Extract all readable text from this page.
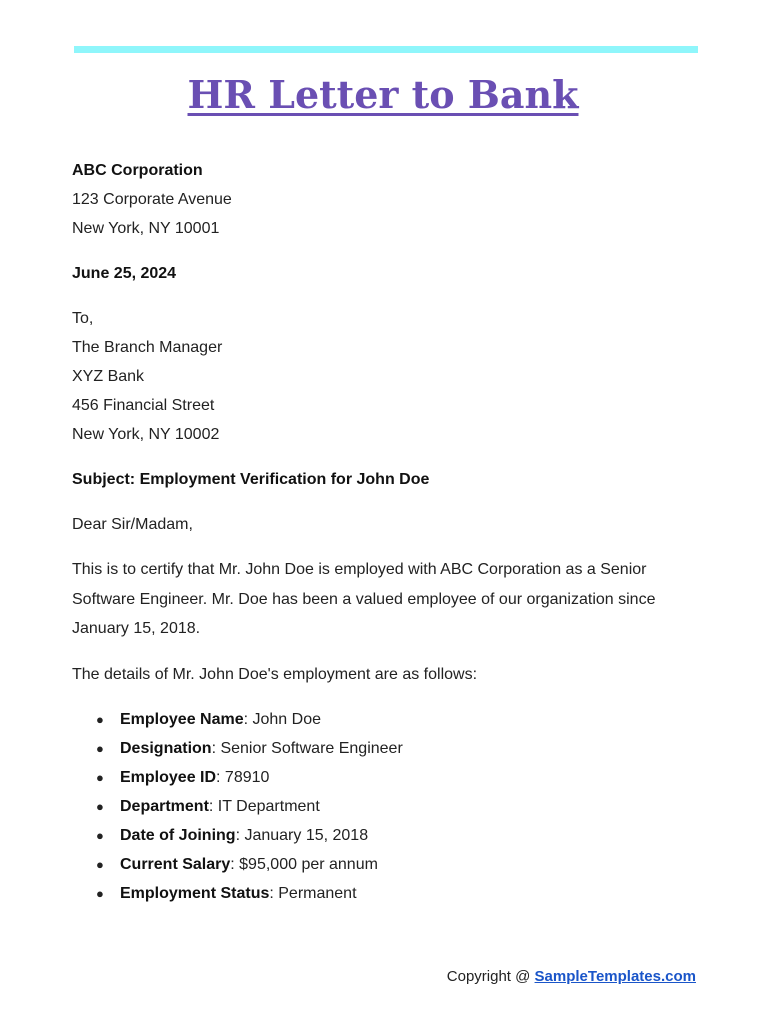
HR Letter to Bank
ABC Corporation
123 Corporate Avenue
New York, NY 10001
June 25, 2024
To,
The Branch Manager
XYZ Bank
456 Financial Street
New York, NY 10002
Subject: Employment Verification for John Doe
Dear Sir/Madam,
This is to certify that Mr. John Doe is employed with ABC Corporation as a Senior
Software Engineer. Mr. Doe has been a valued employee of our organization since
January 15, 2018.
The details of Mr. John Doe's employment are as follows:
● Employee Name: John Doe
● Designation: Senior Software Engineer
● Employee ID: 78910
● Department: IT Department
● Date of Joining: January 15, 2018
● Current Salary: $95,000 per annum
● Employment Status: Permanent
Copyright @ SampleTemplates.com
